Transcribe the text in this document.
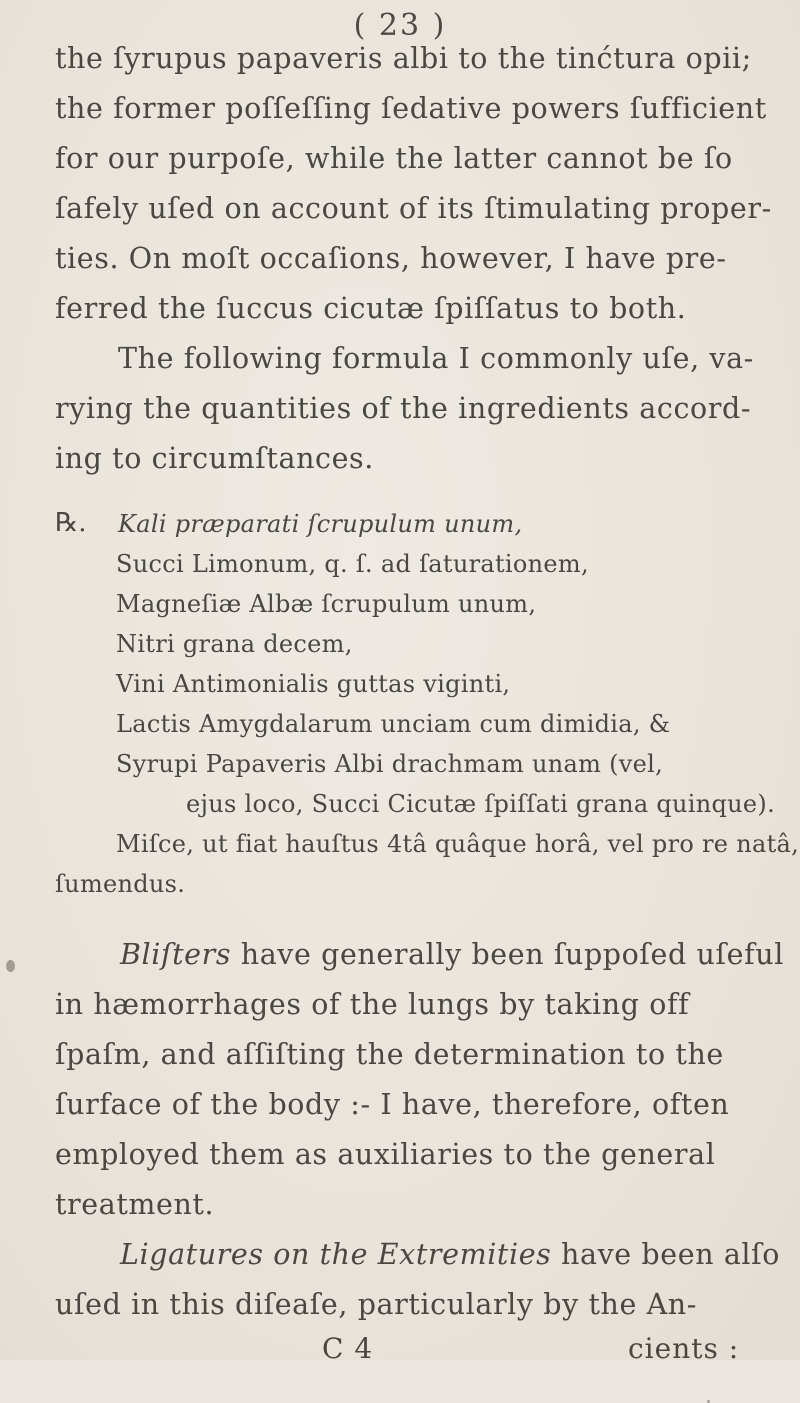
( 23 )
the ſyrupus papaveris albi to the tinćtura opii;
the former poſſeſſing ſedative powers ſufficient
for our purpoſe, while the latter cannot be ſo
ſafely uſed on account of its ſtimulating proper-
ties. On moſt occaſions, however, I have pre-
ferred the ſuccus cicutæ ſpiſſatus to both.
The following formula I commonly uſe, va-
rying the quantities of the ingredients accord-
ing to circumſtances.
℞. Kali præparati ſcrupulum unum,
Succi Limonum, q. ſ. ad ſaturationem,
Magneſiæ Albæ ſcrupulum unum,
Nitri grana decem,
Vini Antimonialis guttas viginti,
Lactis Amygdalarum unciam cum dimidia, &
Syrupi Papaveris Albi drachmam unam (vel,
ejus loco, Succi Cicutæ ſpiſſati grana quinque).
Miſce, ut fiat hauſtus 4tâ quâque horâ, vel pro re natâ,
ſumendus.
Bliſters have generally been ſuppoſed uſeful
in hæmorrhages of the lungs by taking off
ſpaſm, and aſſiſting the determination to the
ſurface of the body :- I have, therefore, often
employed them as auxiliaries to the general
treatment.
Ligatures on the Extremities have been alſo
uſed in this diſeaſe, particularly by the An-
C 4	cients :
